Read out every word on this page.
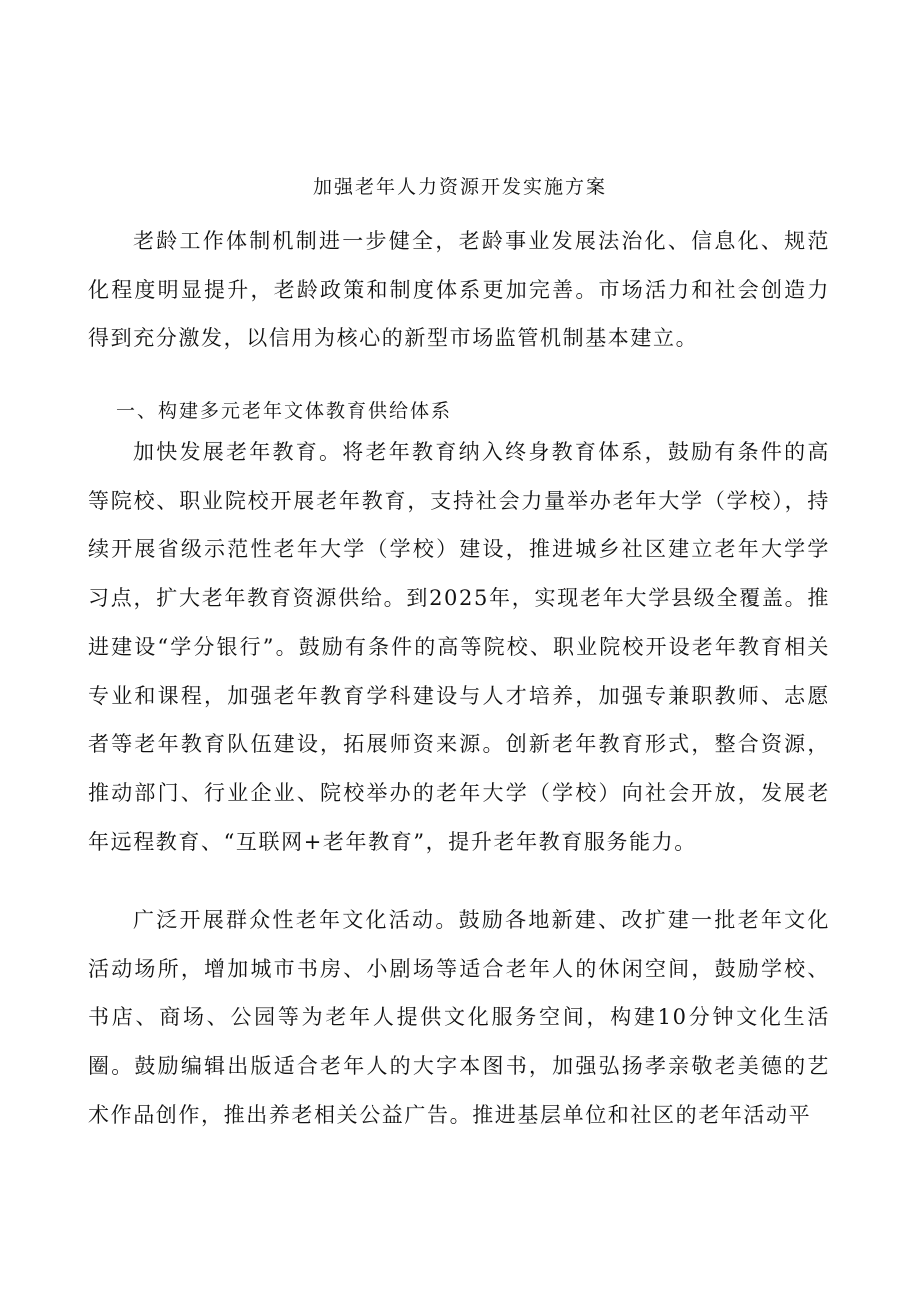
加强老年人力资源开发实施方案

老龄工作体制机制进一步健全，老龄事业发展法治化、信息化、规范化程度明显提升，老龄政策和制度体系更加完善。市场活力和社会创造力得到充分激发，以信用为核心的新型市场监管机制基本建立。

一、构建多元老年文体教育供给体系

加快发展老年教育。将老年教育纳入终身教育体系，鼓励有条件的高等院校、职业院校开展老年教育，支持社会力量举办老年大学（学校），持续开展省级示范性老年大学（学校）建设，推进城乡社区建立老年大学学习点，扩大老年教育资源供给。到2025年，实现老年大学县级全覆盖。推进建设“学分银行”。鼓励有条件的高等院校、职业院校开设老年教育相关专业和课程，加强老年教育学科建设与人才培养，加强专兼职教师、志愿者等老年教育队伍建设，拓展师资来源。创新老年教育形式，整合资源，推动部门、行业企业、院校举办的老年大学（学校）向社会开放，发展老年远程教育、“互联网+老年教育”，提升老年教育服务能力。

广泛开展群众性老年文化活动。鼓励各地新建、改扩建一批老年文化活动场所，增加城市书房、小剧场等适合老年人的休闲空间，鼓励学校、书店、商场、公园等为老年人提供文化服务空间，构建10分钟文化生活圈。鼓励编辑出版适合老年人的大字本图书，加强弘扬孝亲敬老美德的艺术作品创作，推出养老相关公益广告。推进基层单位和社区的老年活动平
